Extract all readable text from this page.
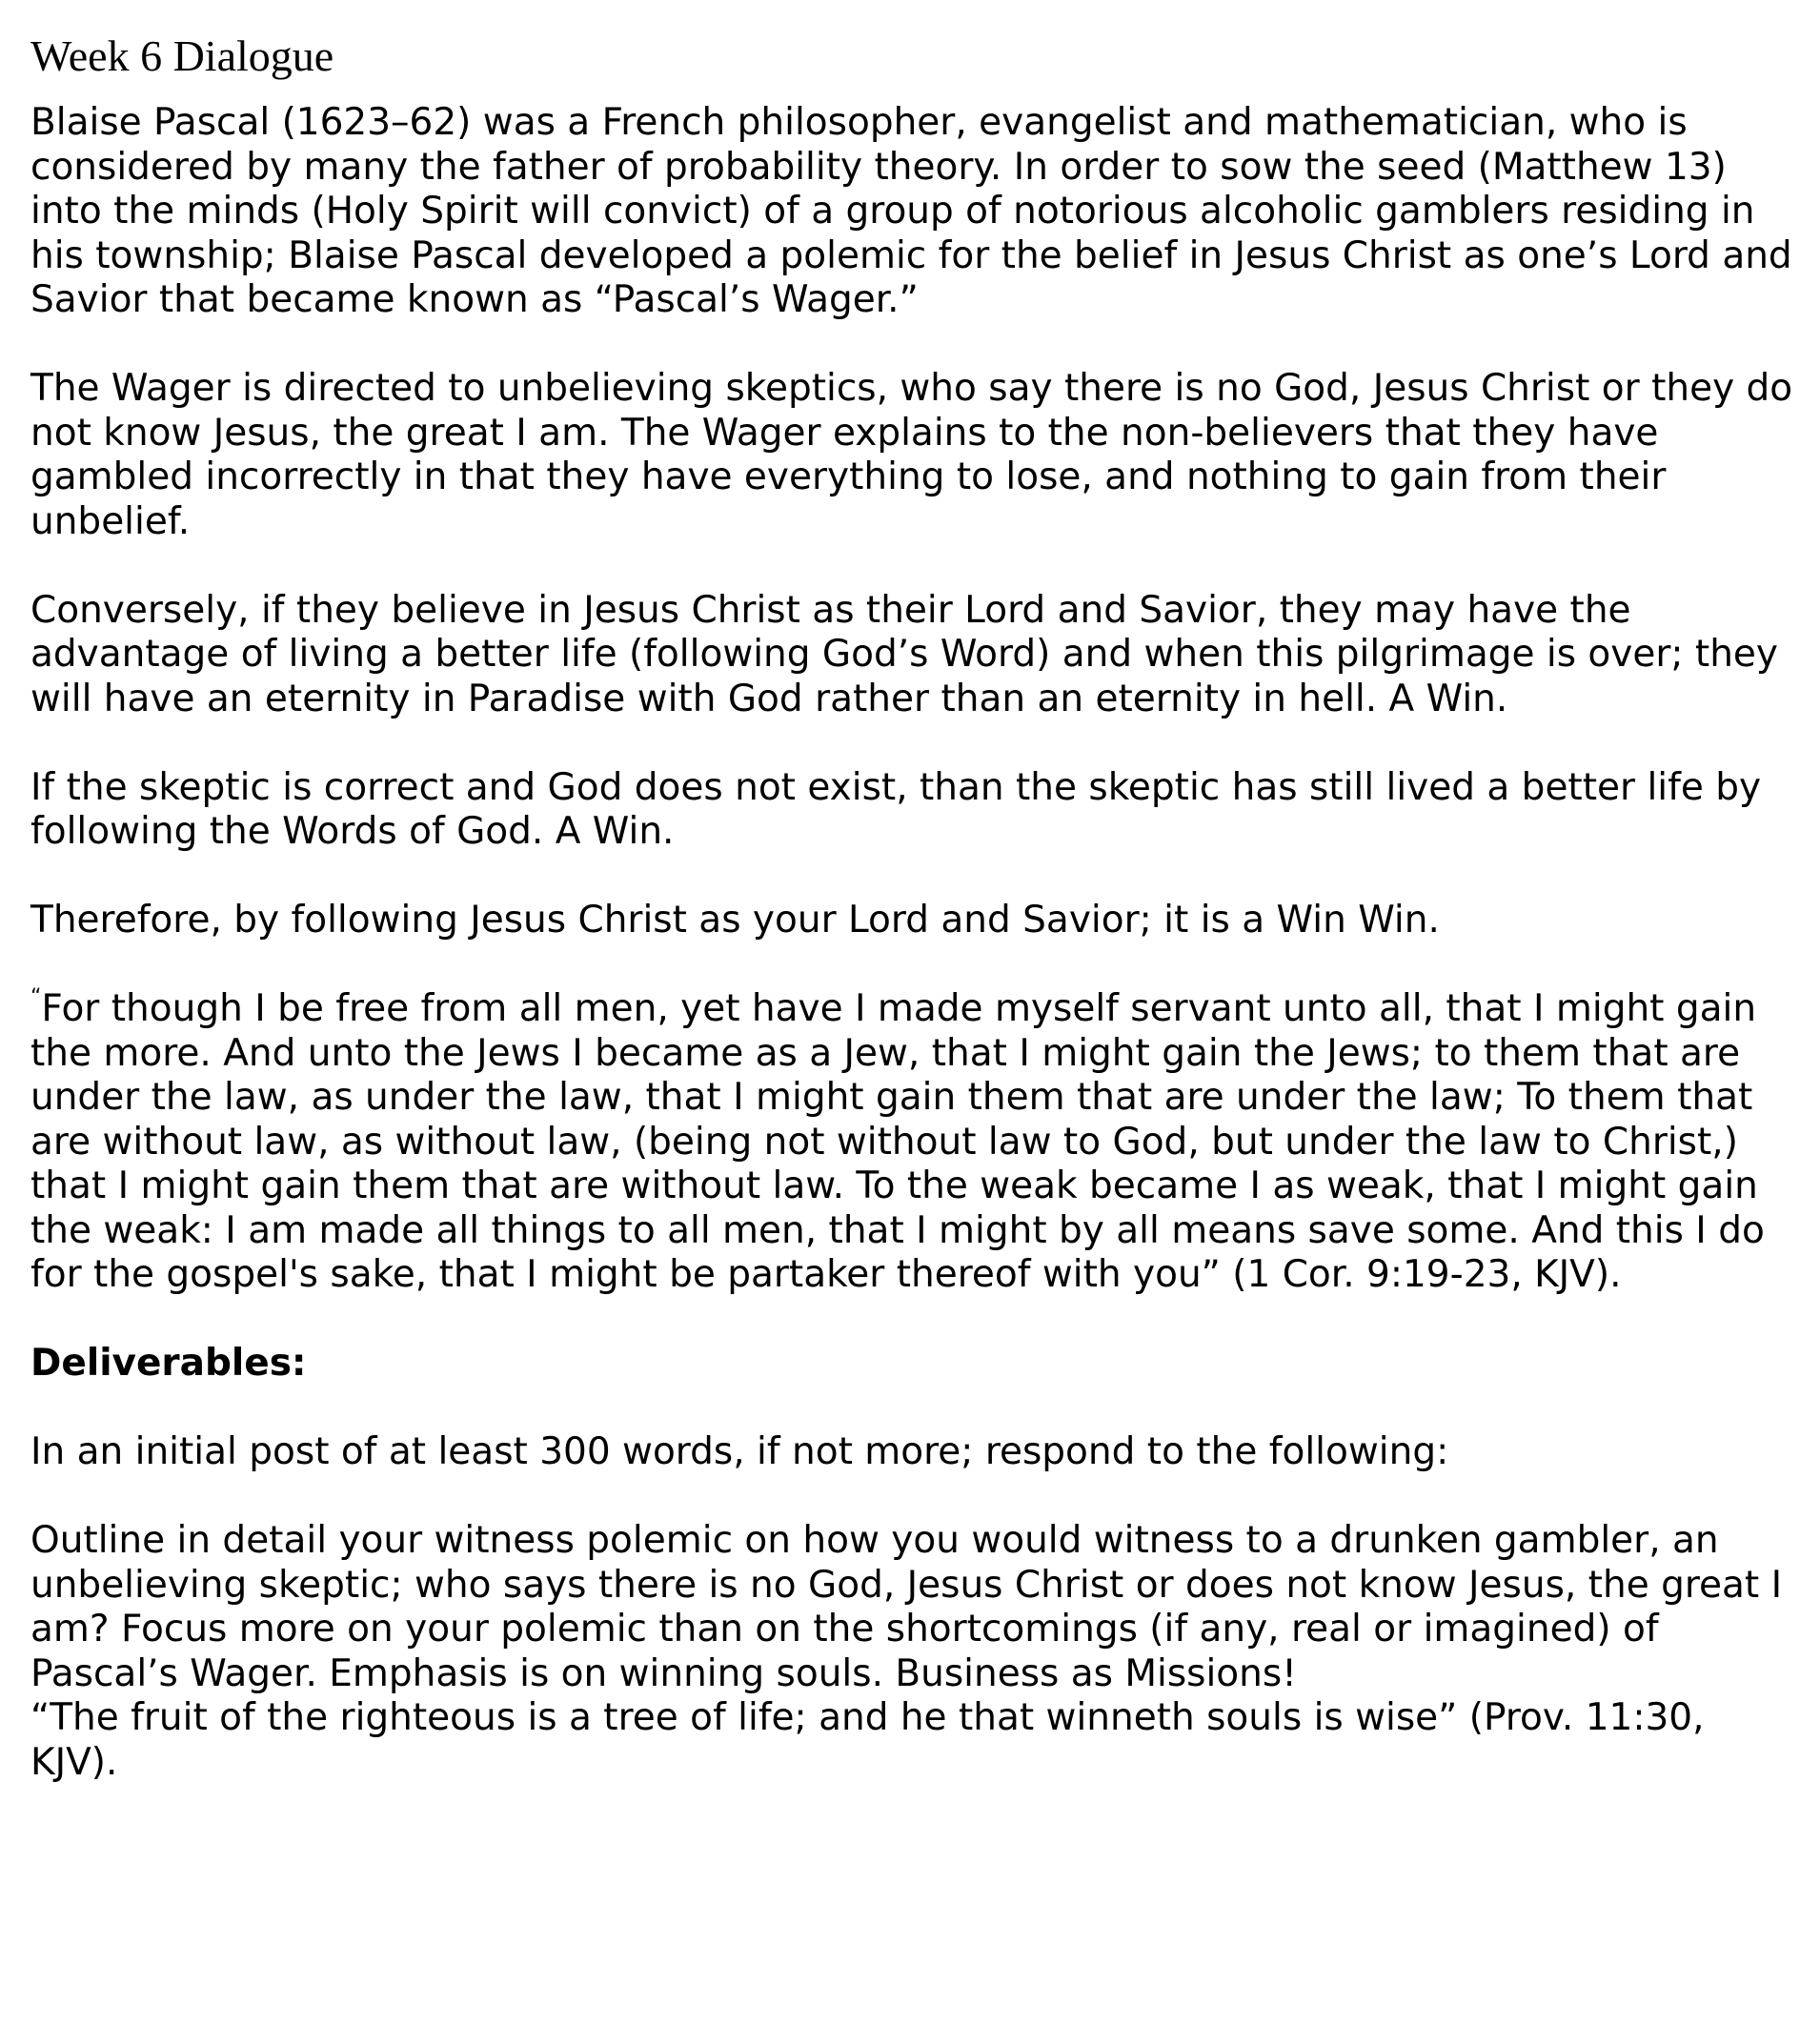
Week 6 Dialogue

Blaise Pascal (1623–62) was a French philosopher, evangelist and mathematician, who is considered by many the father of probability theory. In order to sow the seed (Matthew 13) into the minds (Holy Spirit will convict) of a group of notorious alcoholic gamblers residing in his township; Blaise Pascal developed a polemic for the belief in Jesus Christ as one’s Lord and Savior that became known as “Pascal’s Wager.”

The Wager is directed to unbelieving skeptics, who say there is no God, Jesus Christ or they do not know Jesus, the great I am. The Wager explains to the non-believers that they have gambled incorrectly in that they have everything to lose, and nothing to gain from their unbelief.

Conversely, if they believe in Jesus Christ as their Lord and Savior, they may have the advantage of living a better life (following God’s Word) and when this pilgrimage is over; they will have an eternity in Paradise with God rather than an eternity in hell. A Win.

If the skeptic is correct and God does not exist, than the skeptic has still lived a better life by following the Words of God. A Win.

Therefore, by following Jesus Christ as your Lord and Savior; it is a Win Win.

“For though I be free from all men, yet have I made myself servant unto all, that I might gain the more. And unto the Jews I became as a Jew, that I might gain the Jews; to them that are under the law, as under the law, that I might gain them that are under the law; To them that are without law, as without law, (being not without law to God, but under the law to Christ,) that I might gain them that are without law. To the weak became I as weak, that I might gain the weak: I am made all things to all men, that I might by all means save some. And this I do for the gospel's sake, that I might be partaker thereof with you” (1 Cor. 9:19-23, KJV).

Deliverables:

In an initial post of at least 300 words, if not more; respond to the following:

Outline in detail your witness polemic on how you would witness to a drunken gambler, an unbelieving skeptic; who says there is no God, Jesus Christ or does not know Jesus, the great I am? Focus more on your polemic than on the shortcomings (if any, real or imagined) of Pascal’s Wager. Emphasis is on winning souls. Business as Missions!

“The fruit of the righteous is a tree of life; and he that winneth souls is wise” (Prov. 11:30, KJV).
